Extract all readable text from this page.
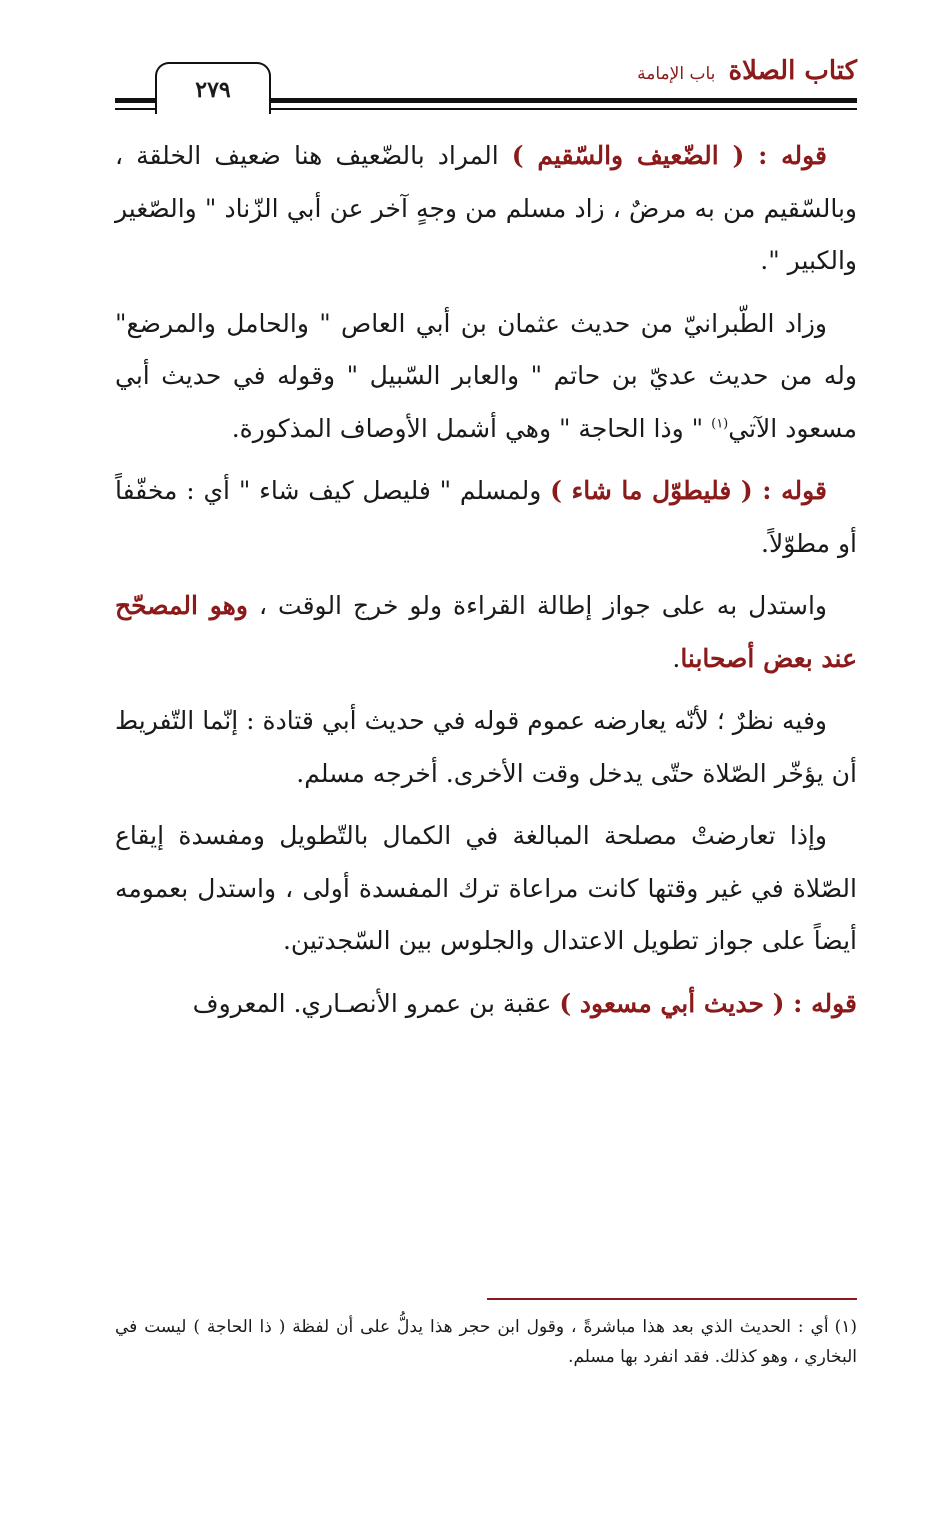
كتاب الصلاة باب الإمامة
٢٧٩

قوله : ( الضّعيف والسّقيم ) المراد بالضّعيف هنا ضعيف الخلقة ، وبالسّقيم من به مرضٌ ، زاد مسلم من وجهٍ آخر عن أبي الزّناد " والصّغير والكبير ".

وزاد الطّبرانيّ من حديث عثمان بن أبي العاص " والحامل والمرضع" وله من حديث عديّ بن حاتم " والعابر السّبيل " وقوله في حديث أبي مسعود الآتي$^{(١)}$ " وذا الحاجة " وهي أشمل الأوصاف المذكورة.

قوله : ( فليطوّل ما شاء ) ولمسلم " فليصل كيف شاء " أي : مخفّفاً أو مطوّلاً.

واستدل به على جواز إطالة القراءة ولو خرج الوقت ، وهو المصحّح عند بعض أصحابنا.

وفيه نظرٌ ؛ لأنّه يعارضه عموم قوله في حديث أبي قتادة : إنّما التّفريط أن يؤخّر الصّلاة حتّى يدخل وقت الأخرى. أخرجه مسلم.

وإذا تعارضتْ مصلحة المبالغة في الكمال بالتّطويل ومفسدة إيقاع الصّلاة في غير وقتها كانت مراعاة ترك المفسدة أولى ، واستدل بعمومه أيضاً على جواز تطويل الاعتدال والجلوس بين السّجدتين.

قوله : ( حديث أبي مسعود ) عقبة بن عمرو الأنصـاري. المعروف

(١)أي : الحديث الذي بعد هذا مباشرةً ، وقول ابن حجر هذا يدلُّ على أن لفظة ( ذا الحاجة ) ليست في البخاري ، وهو كذلك. فقد انفرد بها مسلم.
